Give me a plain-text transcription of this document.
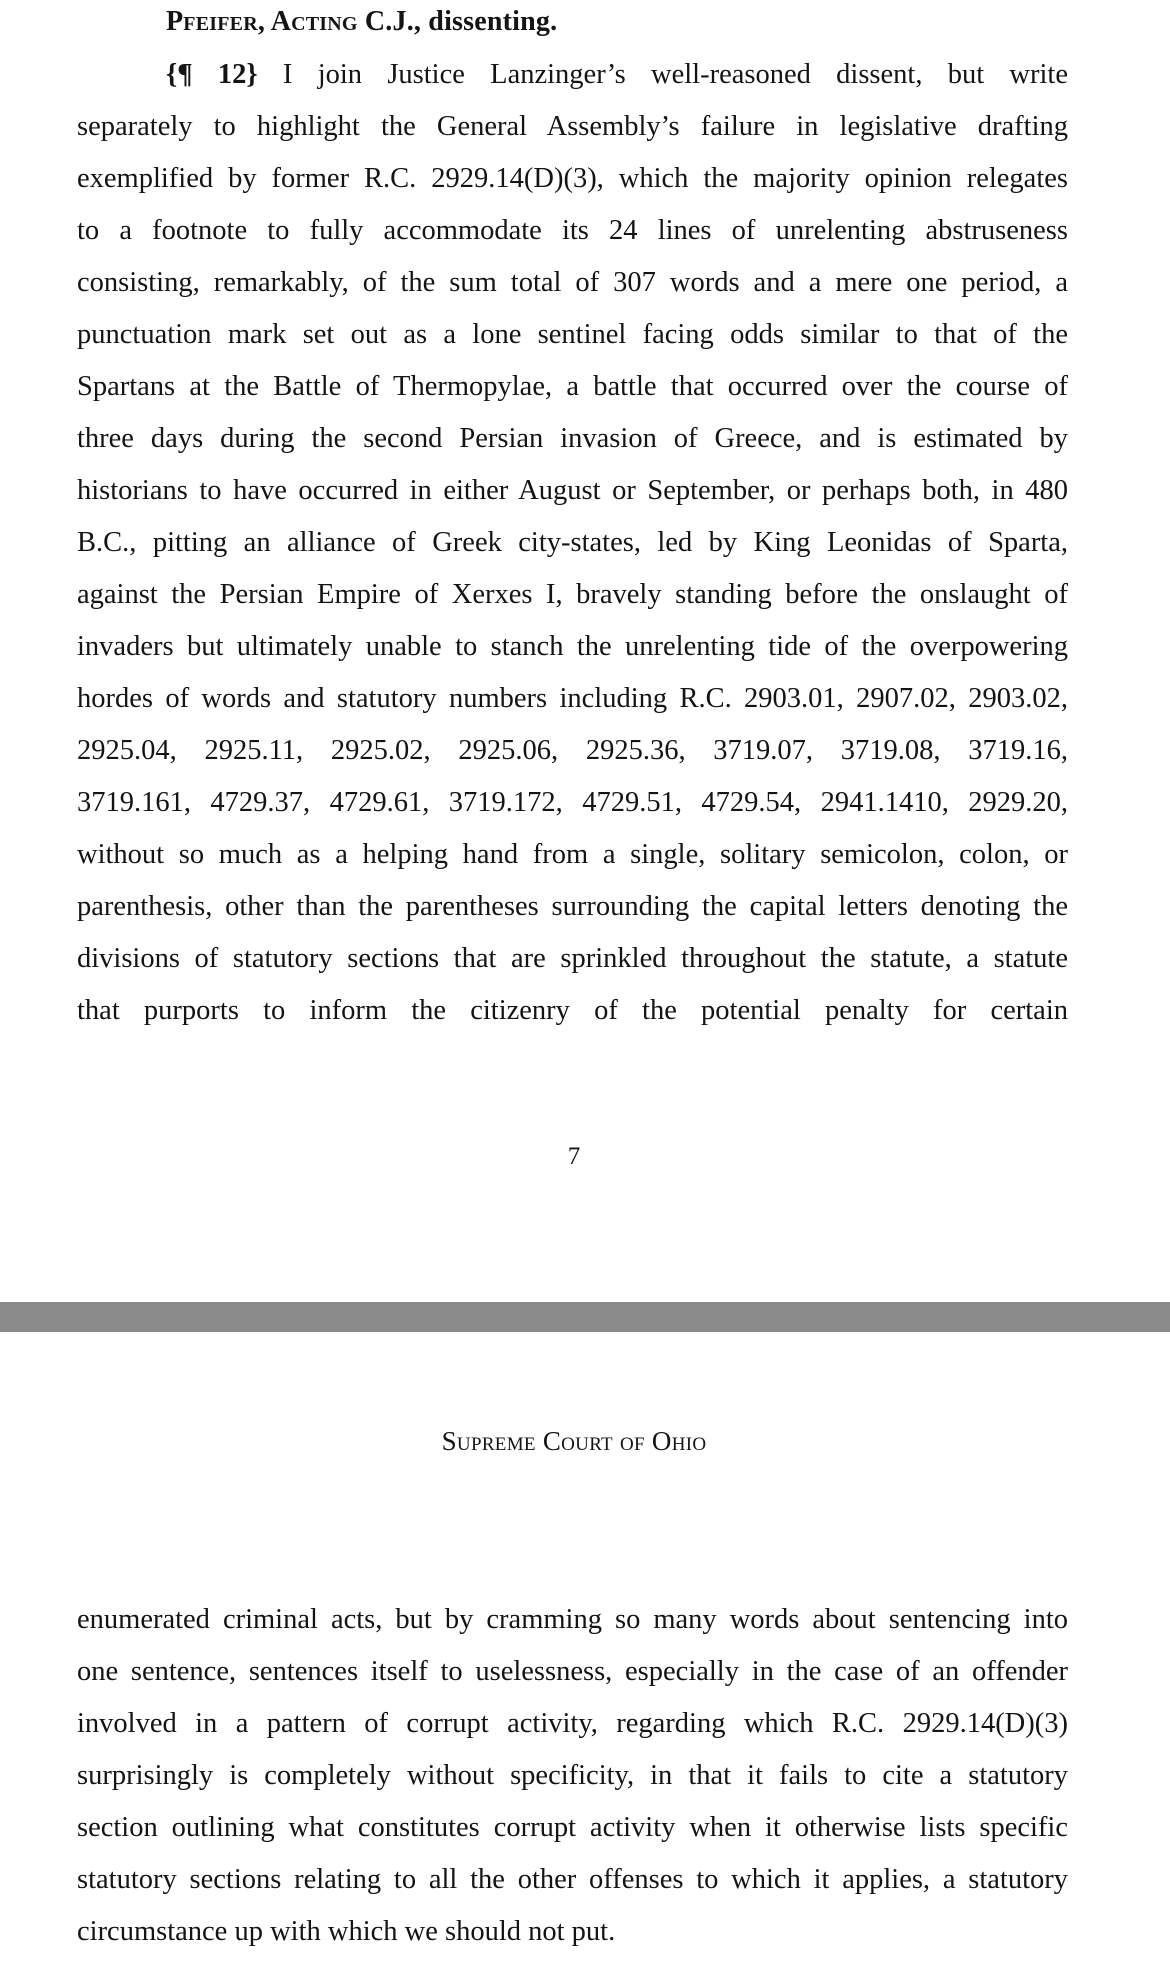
Pfeifer, Acting C.J., dissenting.
{¶ 12} I join Justice Lanzinger’s well-reasoned dissent, but write
separately to highlight the General Assembly’s failure in legislative drafting
exemplified by former R.C. 2929.14(D)(3), which the majority opinion relegates
to a footnote to fully accommodate its 24 lines of unrelenting abstruseness
consisting, remarkably, of the sum total of 307 words and a mere one period, a
punctuation mark set out as a lone sentinel facing odds similar to that of the
Spartans at the Battle of Thermopylae, a battle that occurred over the course of
three days during the second Persian invasion of Greece, and is estimated by
historians to have occurred in either August or September, or perhaps both, in 480
B.C., pitting an alliance of Greek city-states, led by King Leonidas of Sparta,
against the Persian Empire of Xerxes I, bravely standing before the onslaught of
invaders but ultimately unable to stanch the unrelenting tide of the overpowering
hordes of words and statutory numbers including R.C. 2903.01, 2907.02, 2903.02,
2925.04, 2925.11, 2925.02, 2925.06, 2925.36, 3719.07, 3719.08, 3719.16,
3719.161, 4729.37, 4729.61, 3719.172, 4729.51, 4729.54, 2941.1410, 2929.20,
without so much as a helping hand from a single, solitary semicolon, colon, or
parenthesis, other than the parentheses surrounding the capital letters denoting the
divisions of statutory sections that are sprinkled throughout the statute, a statute
that purports to inform the citizenry of the potential penalty for certain
7
Supreme Court of Ohio
enumerated criminal acts, but by cramming so many words about sentencing into
one sentence, sentences itself to uselessness, especially in the case of an offender
involved in a pattern of corrupt activity, regarding which R.C. 2929.14(D)(3)
surprisingly is completely without specificity, in that it fails to cite a statutory
section outlining what constitutes corrupt activity when it otherwise lists specific
statutory sections relating to all the other offenses to which it applies, a statutory
circumstance up with which we should not put.
